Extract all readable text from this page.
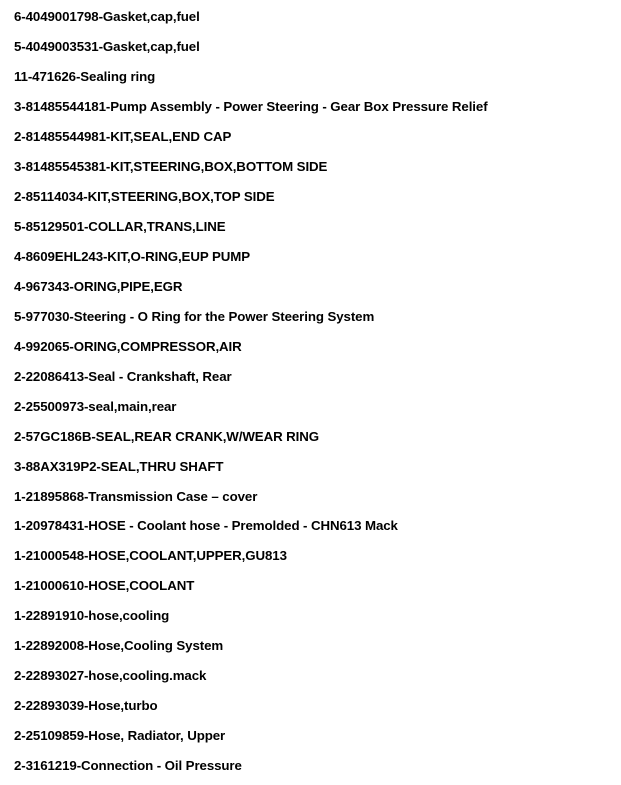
6-4049001798-Gasket,cap,fuel
5-4049003531-Gasket,cap,fuel
11-471626-Sealing ring
3-81485544181-Pump Assembly - Power Steering - Gear Box Pressure Relief
2-81485544981-KIT,SEAL,END CAP
3-81485545381-KIT,STEERING,BOX,BOTTOM SIDE
2-85114034-KIT,STEERING,BOX,TOP SIDE
5-85129501-COLLAR,TRANS,LINE
4-8609EHL243-KIT,O-RING,EUP PUMP
4-967343-ORING,PIPE,EGR
5-977030-Steering - O Ring for the Power Steering System
4-992065-ORING,COMPRESSOR,AIR
2-22086413-Seal - Crankshaft, Rear
2-25500973-seal,main,rear
2-57GC186B-SEAL,REAR CRANK,W/WEAR RING
3-88AX319P2-SEAL,THRU SHAFT
1-21895868-Transmission Case – cover
1-20978431-HOSE - Coolant hose - Premolded - CHN613 Mack
1-21000548-HOSE,COOLANT,UPPER,GU813
1-21000610-HOSE,COOLANT
1-22891910-hose,cooling
1-22892008-Hose,Cooling System
2-22893027-hose,cooling.mack
2-22893039-Hose,turbo
2-25109859-Hose, Radiator, Upper
2-3161219-Connection - Oil Pressure
